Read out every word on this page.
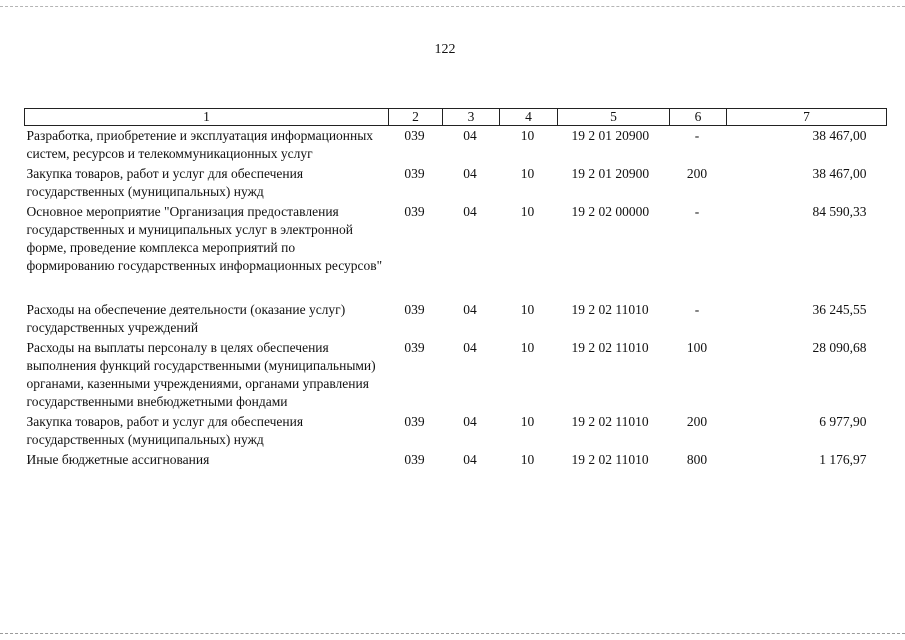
122
1	2	3	4	5	6	7
Разработка, приобретение и эксплуатация информационных систем, ресурсов и телекоммуникационных услуг	039	04	10	19 2 01 20900	-	38 467,00
Закупка товаров, работ и услуг для обеспечения государственных (муниципальных) нужд	039	04	10	19 2 01 20900	200	38 467,00
Основное мероприятие "Организация предоставления государственных и муниципальных услуг в электронной форме, проведение комплекса мероприятий по формированию государственных информационных ресурсов"	039	04	10	19 2 02 00000	-	84 590,33

Расходы на обеспечение деятельности (оказание услуг) государственных учреждений	039	04	10	19 2 02 11010	-	36 245,55
Расходы на выплаты персоналу в целях обеспечения выполнения функций государственными (муниципальными) органами, казенными учреждениями, органами управления государственными внебюджетными фондами	039	04	10	19 2 02 11010	100	28 090,68
Закупка товаров, работ и услуг для обеспечения государственных (муниципальных) нужд	039	04	10	19 2 02 11010	200	6 977,90
Иные бюджетные ассигнования	039	04	10	19 2 02 11010	800	1 176,97
